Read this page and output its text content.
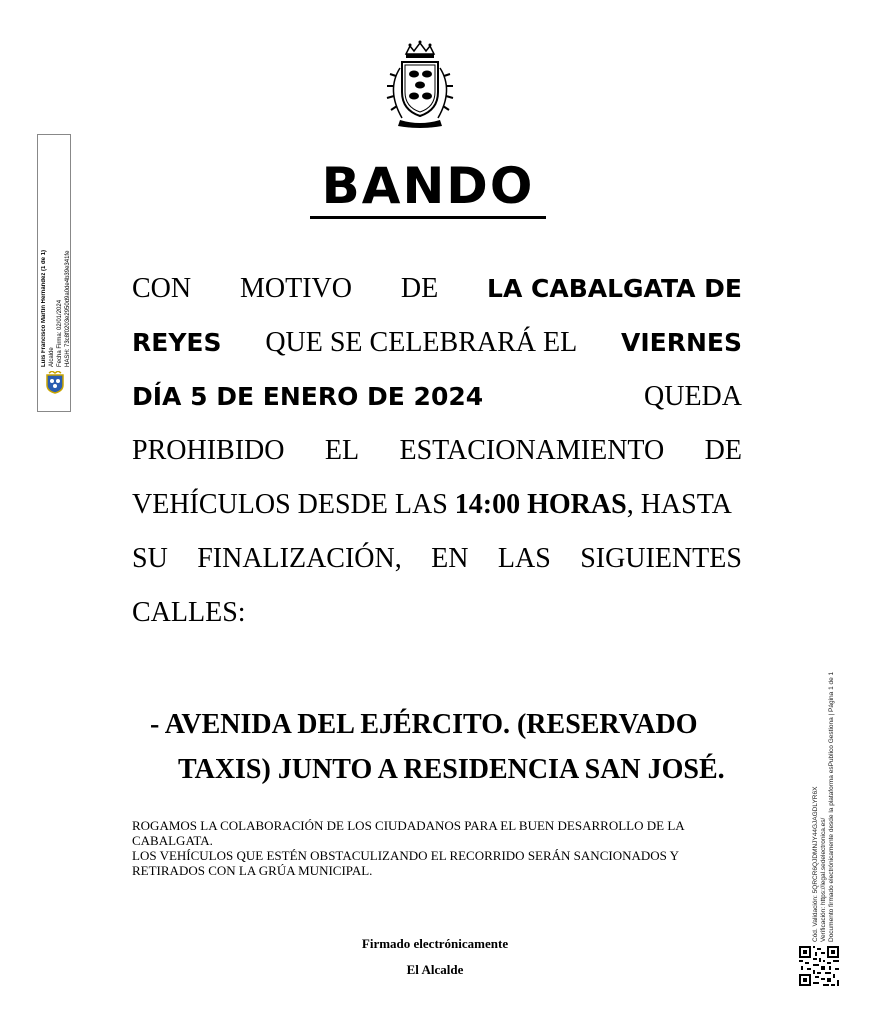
BANDO
CON MOTIVO DE LA CABALGATA DE
REYES QUE SE CELEBRARÁ EL VIERNES
DÍA 5 DE ENERO DE 2024	QUEDA
PROHIBIDO EL ESTACIONAMIENTO DE
VEHÍCULOS DESDE LAS 14:00 HORAS, HASTA
SU FINALIZACIÓN, EN LAS SIGUIENTES
CALLES:
- AVENIDA DEL EJÉRCITO. (RESERVADO
TAXIS) JUNTO A RESIDENCIA SAN JOSÉ.

ROGAMOS LA COLABORACIÓN DE LOS CIUDADANOS PARA EL BUEN DESARROLLO DE LA CABALGATA.

LOS VEHÍCULOS QUE ESTÉN OBSTACULIZANDO EL RECORRIDO SERÁN SANCIONADOS Y RETIRADOS CON LA GRÚA MUNICIPAL.

Firmado electrónicamente
El Alcalde
Luis Francisco Martín Hernández (1 de 1) Alcalde Fecha Firma: 02/01/2024 HASH: 73c8f0203e2950d9a0de4b39e341fe
Cód. Validación: 5QRCR6QJDMNJY44GJAGDLYR6X Verificación: https://legal.sedelectronica.es/ Documento firmado electrónicamente desde la plataforma esPublico Gestiona | Página 1 de 1
